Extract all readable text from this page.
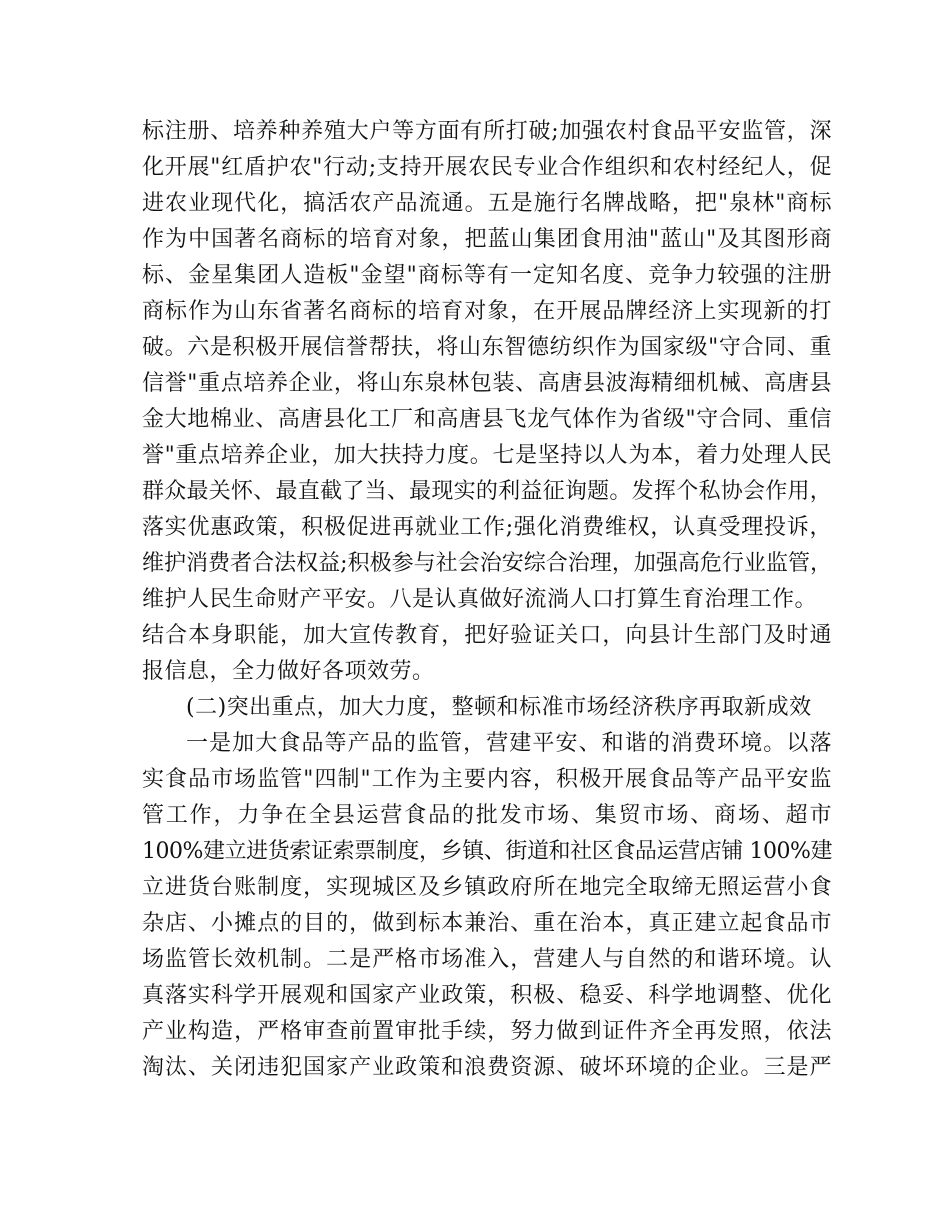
标注册、培养种养殖大户等方面有所打破;加强农村食品平安监管，深
化开展"红盾护农"行动;支持开展农民专业合作组织和农村经纪人，促
进农业现代化，搞活农产品流通。五是施行名牌战略，把"泉林"商标
作为中国著名商标的培育对象，把蓝山集团食用油"蓝山"及其图形商
标、金星集团人造板"金望"商标等有一定知名度、竞争力较强的注册
商标作为山东省著名商标的培育对象，在开展品牌经济上实现新的打
破。六是积极开展信誉帮扶，将山东智德纺织作为国家级"守合同、重
信誉"重点培养企业，将山东泉林包装、高唐县波海精细机械、高唐县
金大地棉业、高唐县化工厂和高唐县飞龙气体作为省级"守合同、重信
誉"重点培养企业，加大扶持力度。七是坚持以人为本，着力处理人民
群众最关怀、最直截了当、最现实的利益征询题。发挥个私协会作用，
落实优惠政策，积极促进再就业工作;强化消费维权，认真受理投诉，
维护消费者合法权益;积极参与社会治安综合治理，加强高危行业监管，
维护人民生命财产平安。八是认真做好流淌人口打算生育治理工作。
结合本身职能，加大宣传教育，把好验证关口，向县计生部门及时通
报信息，全力做好各项效劳。
(二)突出重点，加大力度，整顿和标准市场经济秩序再取新成效
一是加大食品等产品的监管，营建平安、和谐的消费环境。以落
实食品市场监管"四制"工作为主要内容，积极开展食品等产品平安监
管工作，力争在全县运营食品的批发市场、集贸市场、商场、超市
100%建立进货索证索票制度，乡镇、街道和社区食品运营店铺 100%建
立进货台账制度，实现城区及乡镇政府所在地完全取缔无照运营小食
杂店、小摊点的目的，做到标本兼治、重在治本，真正建立起食品市
场监管长效机制。二是严格市场准入，营建人与自然的和谐环境。认
真落实科学开展观和国家产业政策，积极、稳妥、科学地调整、优化
产业构造，严格审查前置审批手续，努力做到证件齐全再发照，依法
淘汰、关闭违犯国家产业政策和浪费资源、破坏环境的企业。三是严
